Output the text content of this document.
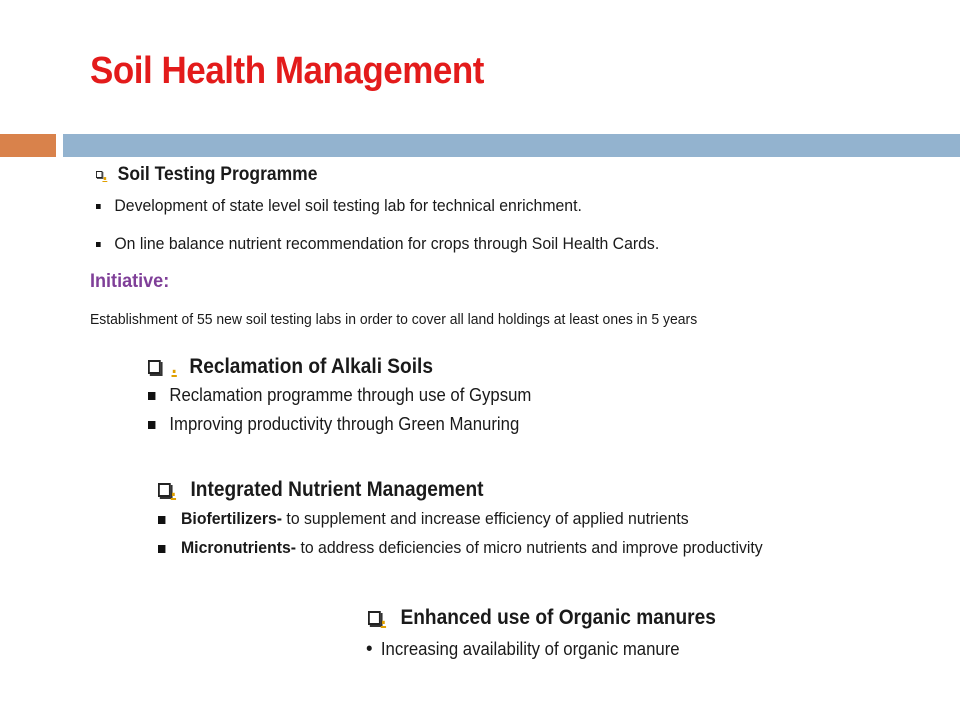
Soil Health Management
. Soil Testing Programme
Development of state level soil testing lab for technical enrichment.
On line balance nutrient recommendation for crops through Soil Health Cards.
Initiative:
Establishment of 55 new soil testing labs in order to cover all land holdings at least ones in 5 years
. Reclamation of Alkali Soils
Reclamation programme through use of Gypsum
Improving productivity through Green Manuring
. Integrated Nutrient Management
Biofertilizers- to supplement and increase efficiency of applied nutrients
Micronutrients- to address deficiencies of micro nutrients and improve productivity
. Enhanced use of Organic manures
• Increasing availability of organic manure
